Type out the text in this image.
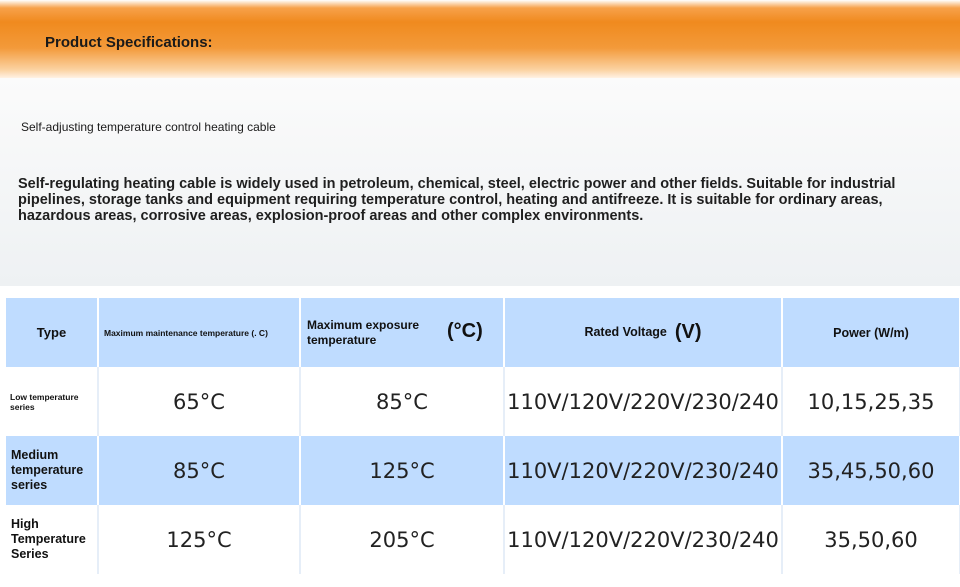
Product Specifications:
Self-adjusting temperature control heating cable
Self-regulating heating cable is widely used in petroleum, chemical, steel, electric power and other fields. Suitable for industrial pipelines, storage tanks and equipment requiring temperature control, heating and antifreeze. It is suitable for ordinary areas, hazardous areas, corrosive areas, explosion-proof areas and other complex environments.
Type	Maximum maintenance temperature (. C)	Maximum exposure temperature (°C)	Rated Voltage (V)	Power (W/m)
Low temperature series	65°C	85°C	110V/120V/220V/230/240	10,15,25,35
Medium temperature series	85°C	125°C	110V/120V/220V/230/240	35,45,50,60
High Temperature Series	125°C	205°C	110V/120V/220V/230/240	35,50,60
